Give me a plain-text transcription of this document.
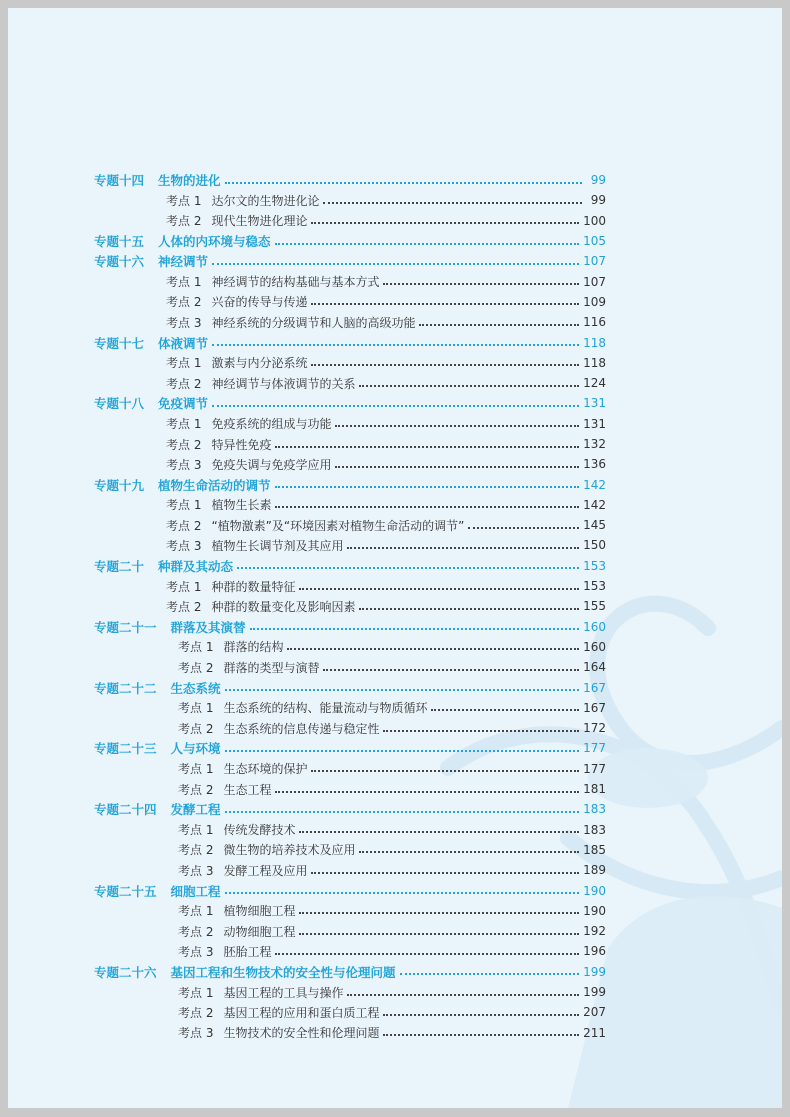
专题十四 生物的进化	99
考点 1 达尔文的生物进化论	99
考点 2 现代生物进化理论	100
专题十五 人体的内环境与稳态	105
专题十六 神经调节	107
考点 1 神经调节的结构基础与基本方式	107
考点 2 兴奋的传导与传递	109
考点 3 神经系统的分级调节和人脑的高级功能	116
专题十七 体液调节	118
考点 1 激素与内分泌系统	118
考点 2 神经调节与体液调节的关系	124
专题十八 免疫调节	131
考点 1 免疫系统的组成与功能	131
考点 2 特异性免疫	132
考点 3 免疫失调与免疫学应用	136
专题十九 植物生命活动的调节	142
考点 1 植物生长素	142
考点 2 “植物激素”及“环境因素对植物生命活动的调节”	145
考点 3 植物生长调节剂及其应用	150
专题二十 种群及其动态	153
考点 1 种群的数量特征	153
考点 2 种群的数量变化及影响因素	155
专题二十一 群落及其演替	160
考点 1 群落的结构	160
考点 2 群落的类型与演替	164
专题二十二 生态系统	167
考点 1 生态系统的结构、能量流动与物质循环	167
考点 2 生态系统的信息传递与稳定性	172
专题二十三 人与环境	177
考点 1 生态环境的保护	177
考点 2 生态工程	181
专题二十四 发酵工程	183
考点 1 传统发酵技术	183
考点 2 微生物的培养技术及应用	185
考点 3 发酵工程及应用	189
专题二十五 细胞工程	190
考点 1 植物细胞工程	190
考点 2 动物细胞工程	192
考点 3 胚胎工程	196
专题二十六 基因工程和生物技术的安全性与伦理问题	199
考点 1 基因工程的工具与操作	199
考点 2 基因工程的应用和蛋白质工程	207
考点 3 生物技术的安全性和伦理问题	211
